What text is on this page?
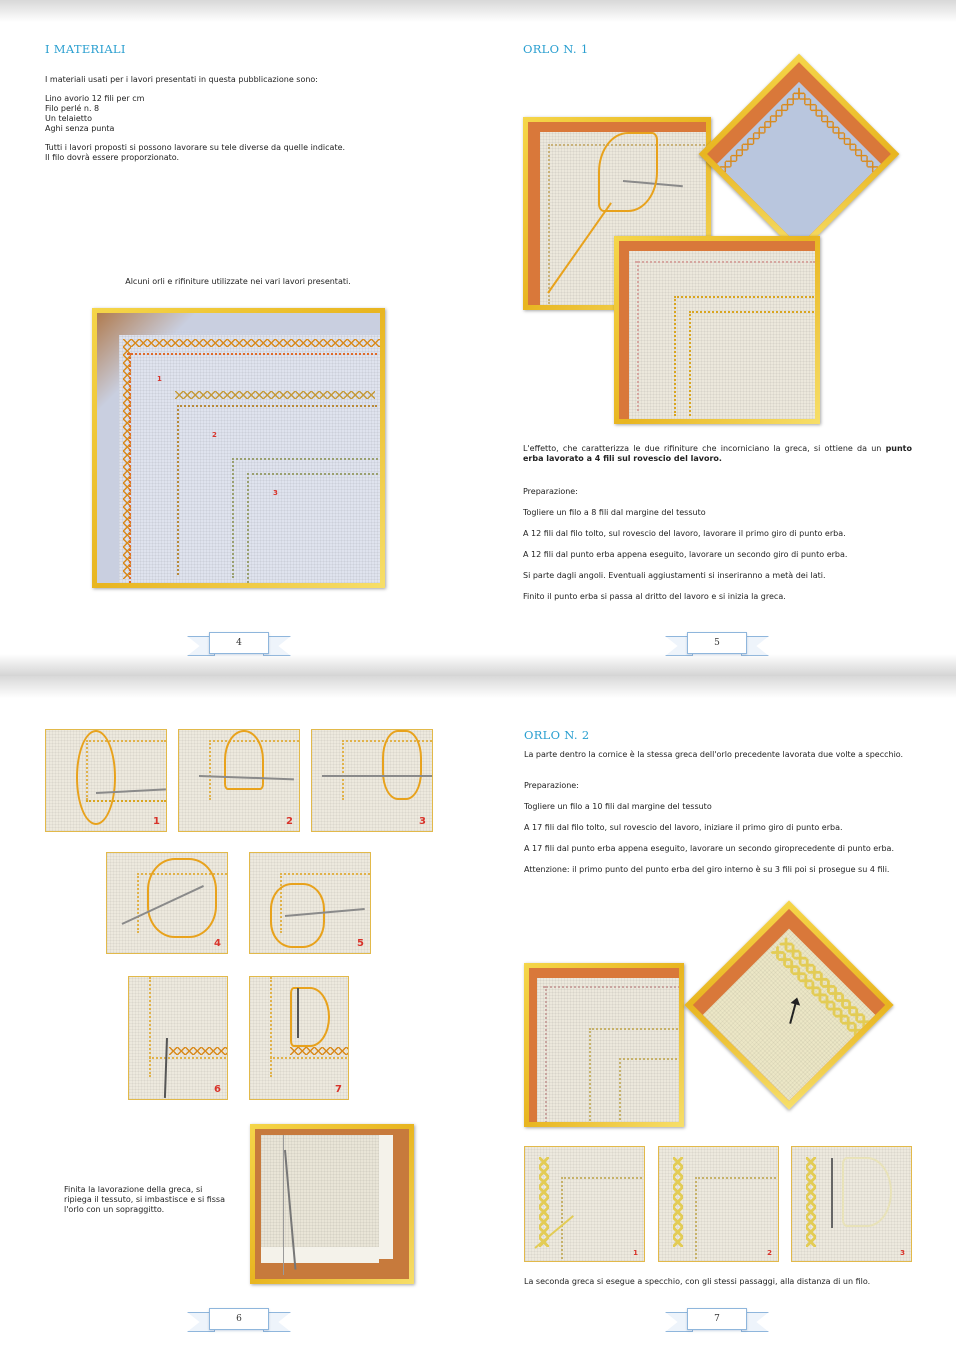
I MATERIALI

I materiali usati per i lavori presentati in questa pubblicazione sono:

Lino avorio 12 fili per cm

Filo perlé n. 8

Un telaietto

Aghi senza punta

Tutti i lavori proposti si possono lavorare su tele diverse da quelle indicate.

Il filo dovrà essere proporzionato.

Alcuni orli e rifiniture utilizzate nei vari lavori presentati.
1
2
3
4
ORLO N. 1

L'effetto, che caratterizza le due rifiniture che incorniciano la greca, si ottiene da un punto erba lavorato a 4 fili sul rovescio del lavoro.

Preparazione:

Togliere un filo a 8 fili dal margine del tessuto

A 12 fili dal filo tolto, sul rovescio del lavoro, lavorare il primo giro di punto erba.

A 12 fili dal punto erba appena eseguito, lavorare un secondo giro di punto erba.

Si parte dagli angoli. Eventuali aggiustamenti si inseriranno a metà dei lati.

Finito il punto erba si passa al dritto del lavoro e si inizia la greca.

5
1	2	3
4	5
6	7
Finita la lavorazione della greca, si ripiega il tessuto, si imbastisce e si fissa l'orlo con un sopraggitto.
6
ORLO N. 2
La parte dentro la cornice è la stessa greca dell'orlo precedente lavorata due volte a specchio.

Preparazione:

Togliere un filo a 10 fili dal margine del tessuto

A 17 fili dal filo tolto, sul rovescio del lavoro, iniziare il primo giro di punto erba.

A 17 fili dal punto erba appena eseguito, lavorare un secondo giroprecedente di punto erba.

Attenzione: il primo punto del punto erba del giro interno è su 3 fili poi si prosegue su 4 fili.

1	2	3
La seconda greca si esegue a specchio, con gli stessi passaggi, alla distanza di un filo.
7
